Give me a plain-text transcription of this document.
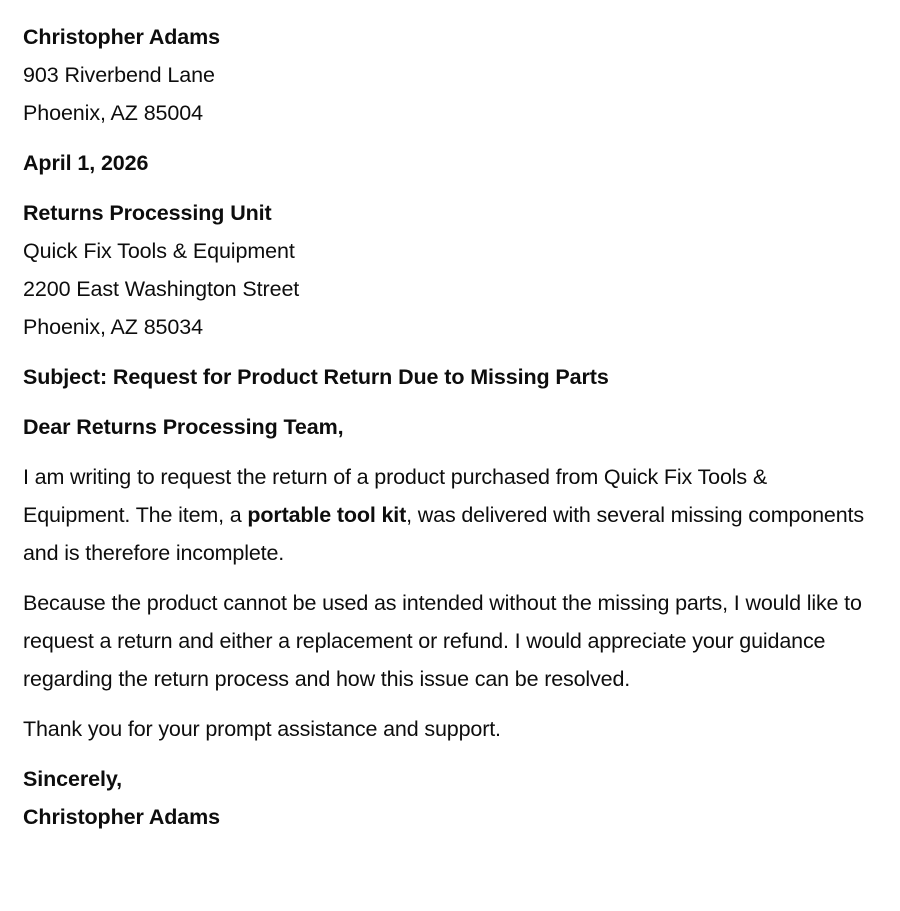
Christopher Adams
903 Riverbend Lane
Phoenix, AZ 85004
April 1, 2026
Returns Processing Unit
Quick Fix Tools & Equipment
2200 East Washington Street
Phoenix, AZ 85034
Subject: Request for Product Return Due to Missing Parts
Dear Returns Processing Team,
I am writing to request the return of a product purchased from Quick Fix Tools & Equipment. The item, a portable tool kit, was delivered with several missing components and is therefore incomplete.
Because the product cannot be used as intended without the missing parts, I would like to request a return and either a replacement or refund. I would appreciate your guidance regarding the return process and how this issue can be resolved.
Thank you for your prompt assistance and support.
Sincerely,
Christopher Adams
